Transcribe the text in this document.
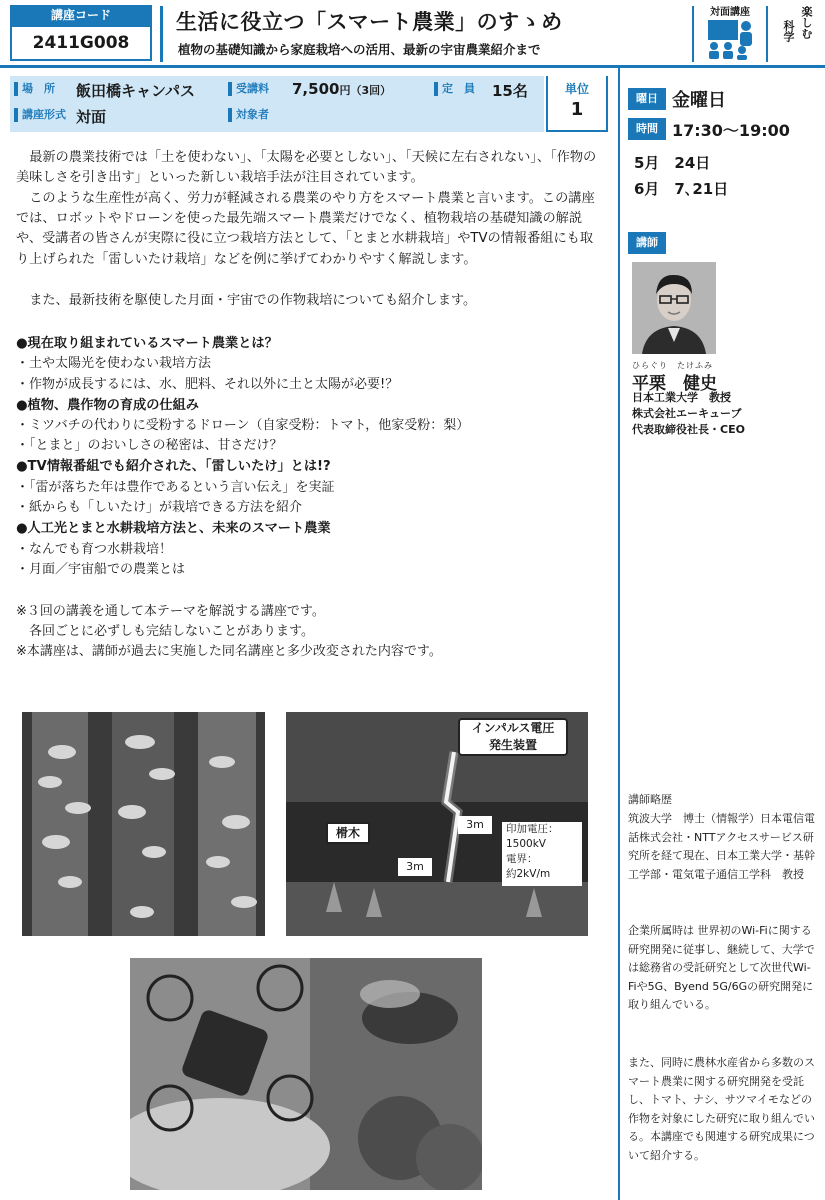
講座コード
2411G008
生活に役立つ「スマート農業」のすゝめ
植物の基礎知識から家庭栽培への活用、最新の宇宙農業紹介まで
対面講座	楽しむ
科学
場　所 飯田橋キャンパス	受講料 7,500円（3回）	定　員 15名
講座形式 対面	対象者
単位
1
曜日 金曜日
時間 17:30～19:00
5月　24日
6月　7､21日
講師
ひらぐり　たけふみ
平栗　健史
日本工業大学　教授
株式会社エーキューブ
代表取締役社長・CEO
講師略歴
筑波大学　博士（情報学）日本電信電話株式会社・NTTアクセスサービス研究所を経て現在、日本工業大学・基幹工学部・電気電子通信工学科　教授
企業所属時は 世界初のWi-Fiに関する研究開発に従事し、継続して、大学では総務省の受託研究として次世代Wi-Fiや5G、Byend 5G/6Gの研究開発に取り組んでいる。
また、同時に農林水産省から多数のスマート農業に関する研究開発を受託し、トマト、ナシ、サツマイモなどの作物を対象にした研究に取り組んでいる。本講座でも関連する研究成果について紹介する。
最新の農業技術では「土を使わない」、「太陽を必要としない」、「天候に左右されない」、「作物の美味しさを引き出す」といった新しい栽培手法が注目されています。
このような生産性が高く、労力が軽減される農業のやり方をスマート農業と言います。この講座では、ロボットやドローンを使った最先端スマート農業だけでなく、植物栽培の基礎知識の解説や、受講者の皆さんが実際に役に立つ栽培方法として、「とまと水耕栽培」やTVの情報番組にも取り上げられた「雷しいたけ栽培」などを例に挙げてわかりやすく解説します。
また、最新技術を駆使した月面・宇宙での作物栽培についても紹介します。
●現在取り組まれているスマート農業とは？
・土や太陽光を使わない栽培方法
・作物が成長するには、水、肥料、それ以外に土と太陽が必要!？
●植物、農作物の育成の仕組み
・ミツバチの代わりに受粉するドローン（自家受粉：トマト，他家受粉：梨）
・「とまと」のおいしさの秘密は、甘さだけ？
●TV情報番組でも紹介された、「雷しいたけ」とは!?
・「雷が落ちた年は豊作であるという言い伝え」を実証
・紙からも「しいたけ」が栽培できる方法を紹介
●人工光とまと水耕栽培方法と、未来のスマート農業
・なんでも育つ水耕栽培！
・月面／宇宙船での農業とは
※３回の講義を通して本テーマを解説する講座です。
　各回ごとに必ずしも完結しないことがあります。
※本講座は、講師が過去に実施した同名講座と多少改変された内容です。
インパルス電圧
発生装置
榾木
3m
3m
印加電圧：
1500kV
電界：
約2kV/m
